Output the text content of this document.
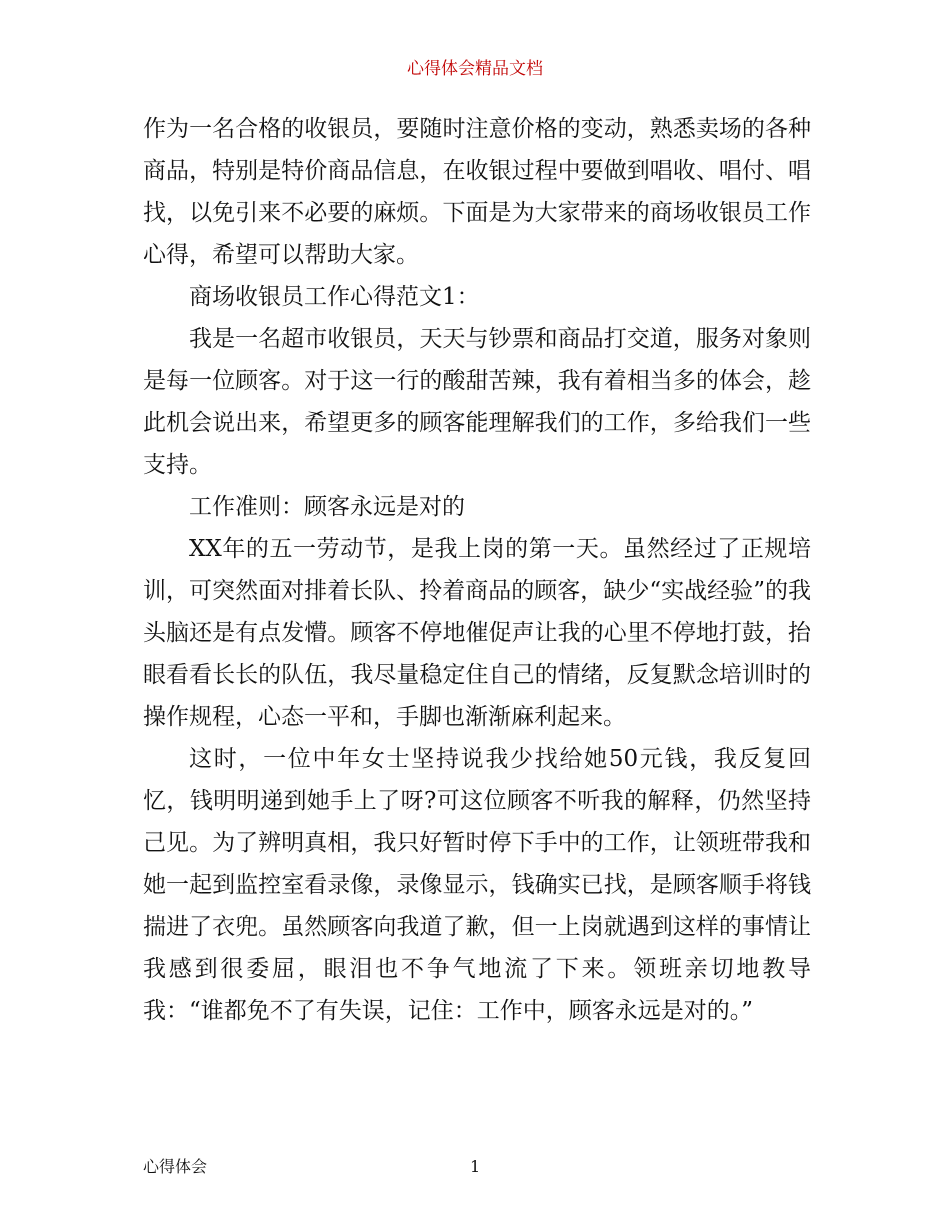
心得体会精品文档

作为一名合格的收银员，要随时注意价格的变动，熟悉卖场的各种商品，特别是特价商品信息，在收银过程中要做到唱收、唱付、唱找，以免引来不必要的麻烦。下面是为大家带来的商场收银员工作心得，希望可以帮助大家。

商场收银员工作心得范文1：

我是一名超市收银员，天天与钞票和商品打交道，服务对象则是每一位顾客。对于这一行的酸甜苦辣，我有着相当多的体会，趁此机会说出来，希望更多的顾客能理解我们的工作，多给我们一些支持。

工作准则：顾客永远是对的

XX年的五一劳动节，是我上岗的第一天。虽然经过了正规培训，可突然面对排着长队、拎着商品的顾客，缺少“实战经验”的我头脑还是有点发懵。顾客不停地催促声让我的心里不停地打鼓，抬眼看看长长的队伍，我尽量稳定住自己的情绪，反复默念培训时的操作规程，心态一平和，手脚也渐渐麻利起来。

这时，一位中年女士坚持说我少找给她50元钱，我反复回忆，钱明明递到她手上了呀?可这位顾客不听我的解释，仍然坚持己见。为了辨明真相，我只好暂时停下手中的工作，让领班带我和她一起到监控室看录像，录像显示，钱确实已找，是顾客顺手将钱揣进了衣兜。虽然顾客向我道了歉，但一上岗就遇到这样的事情让我感到很委屈，眼泪也不争气地流了下来。领班亲切地教导我：“谁都免不了有失误，记住：工作中，顾客永远是对的。”

心得体会	1
